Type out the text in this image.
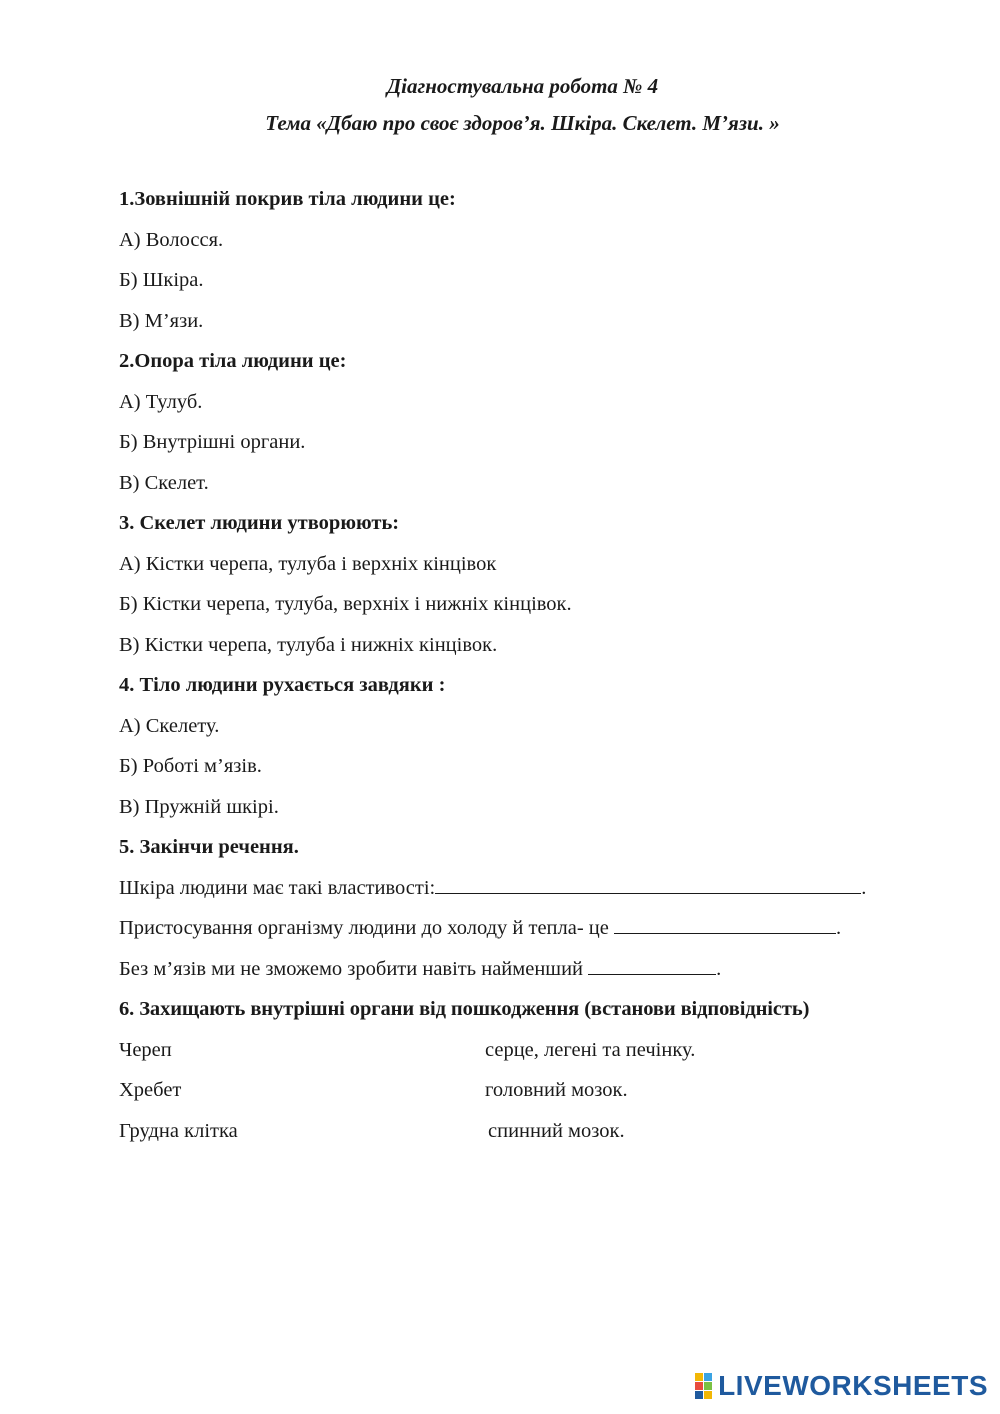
Діагностувальна робота № 4
Тема «Дбаю про своє здоров’я. Шкіра. Скелет. М’язи. »
1.Зовнішній покрив тіла людини це:
А) Волосся.
Б) Шкіра.
В) М’язи.
2.Опора тіла людини це:
А) Тулуб.
Б) Внутрішні органи.
В) Скелет.
3. Скелет людини утворюють:
А) Кістки черепа, тулуба і верхніх кінцівок
Б) Кістки черепа, тулуба, верхніх і нижніх кінцівок.
В) Кістки черепа, тулуба і нижніх кінцівок.
4. Тіло людини рухається завдяки :
А) Скелету.
Б) Роботі м’язів.
В) Пружній шкірі.
5. Закінчи речення.
Шкіра людини має такі властивості:	.
Пристосування організму людини до холоду й тепла- це	.
Без м’язів ми не зможемо зробити навіть найменший	.
6. Захищають внутрішні органи від пошкодження (встанови відповідність)
Череп	серце, легені та печінку.
Хребет	головний мозок.
Грудна клітка	спинний мозок.
LIVEWORKSHEETS
